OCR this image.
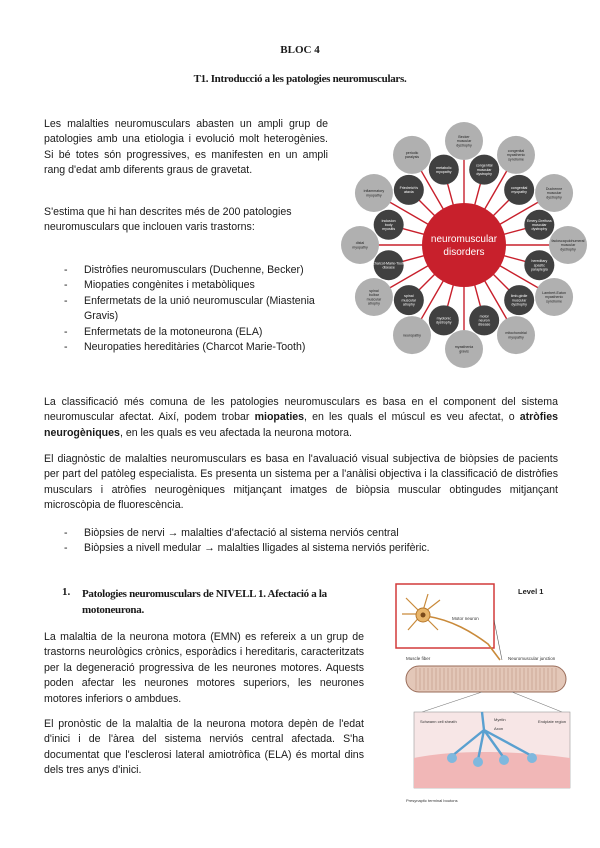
BLOC 4
T1. Introducció a les patologies neuromusculars.
Les malalties neuromusculars abasten un ampli grup de patologies amb una etiologia i evolució molt heterogènies. Si bé totes són progressives, es manifesten en un ampli rang d'edat amb diferents graus de gravetat.
S'estima que hi han descrites més de 200 patologies neuromusculars que inclouen varis trastorns:
- Distròfies neuromusculars (Duchenne, Becker)
- Miopaties congènites i metabòliques
- Enfermetats de la unió neuromuscular (Miastenia Gravis)
- Enfermetats de la motoneurona (ELA)
- Neuropaties hereditàries (Charcot Marie-Tooth)
Becker muscular dystrophy
congenital muscular dystrophy
congenital myasthenic syndrome
congenital myopathy
Duchenne muscular dystrophy
Emery-Dreifuss muscular dystrophy
facioscapulohumeral muscular dystrophy
hereditary spastic paraplegia
Lambert-Eaton myasthenic syndrome
limb-girdle muscular dystrophy
mitochondrial myopathy
motor neuron disease
myasthenia gravis
myotonic dystrophy
neuropathy
spinal muscular atrophy
spinal bulbar muscular atrophy
Charcot-Marie-Tooth disease
distal myopathy
inclusion body myositis
inflammatory myopathy
Friedreich's ataxia
periodic paralysis
metabolic myopathy
neuromuscular
disorders
La classificació més comuna de les patologies neuromusculars es basa en el component del sistema neuromuscular afectat. Així, podem trobar miopaties, en les quals el múscul es veu afectat, o atròfies neurogèniques, en les quals es veu afectada la neurona motora.
El diagnòstic de malalties neuromusculars es basa en l'avaluació visual subjectiva de biòpsies de pacients per part del patòleg especialista. Es presenta un sistema per a l'anàlisi objectiva i la classificació de distròfies musculars i atròfies neurogèniques mitjançant imatges de biòpsia muscular obtingudes mitjançant microscòpia de fluorescència.
- Biòpsies de nervi → malalties d'afectació al sistema nerviós central
- Biòpsies a nivell medular → malalties lligades al sistema nerviós perifèric.
1. Patologies neuromusculars de NIVELL 1. Afectació a la
motoneurona.
La malaltia de la neurona motora (EMN) es refereix a un grup de trastorns neurològics crònics, esporàdics i hereditaris, caracteritzats per la degeneració progressiva de les neurones motores. Aquests poden afectar les neurones motores superiors, les neurones motores inferiors o ambdues.
El pronòstic de la malaltia de la neurona motora depèn de l'edat d'inici i de l'àrea del sistema nerviós central afectada. S'ha documentat que l'esclerosi lateral amiotròfica (ELA) és mortal dins dels tres anys d'inici.
Level 1
Motor neuron
Muscle fiber	Neuromuscular junction
Schwann cell sheath	Myelin
Axon
Endplate region
Presynaptic terminal boutons
